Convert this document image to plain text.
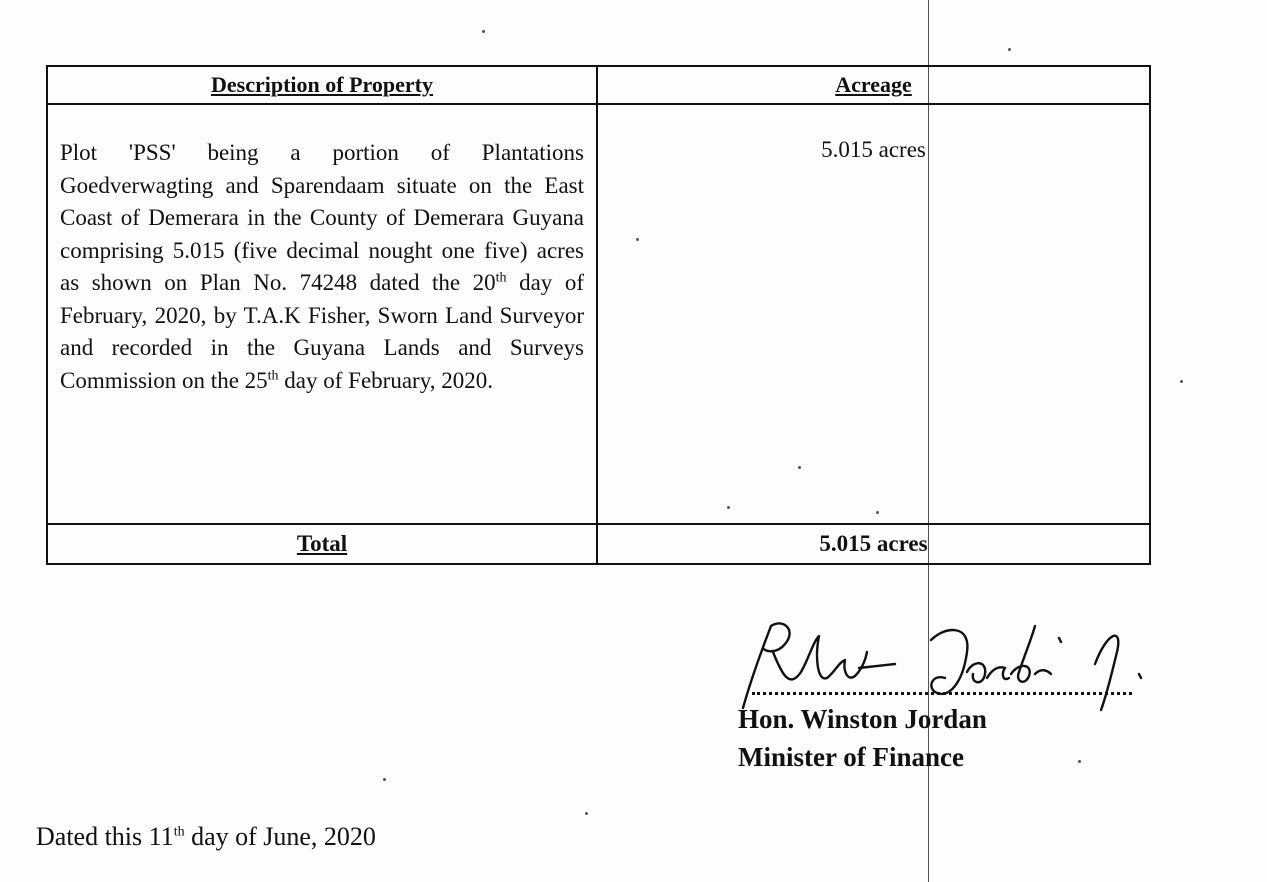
Description of Property	Acreage

Plot 'PSS' being a portion of Plantations Goedverwagting and Sparendaam situate on the East Coast of Demerara in the County of Demerara Guyana comprising 5.015 (five decimal nought one five) acres as shown on Plan No. 74248 dated the 20th day of February, 2020, by T.A.K Fisher, Sworn Land Surveyor and recorded in the Guyana Lands and Surveys Commission on the 25th day of February, 2020.	5.015 acres

Total	5.015 acres
Hon. Winston Jordan
Minister of Finance
Dated this 11th day of June, 2020
